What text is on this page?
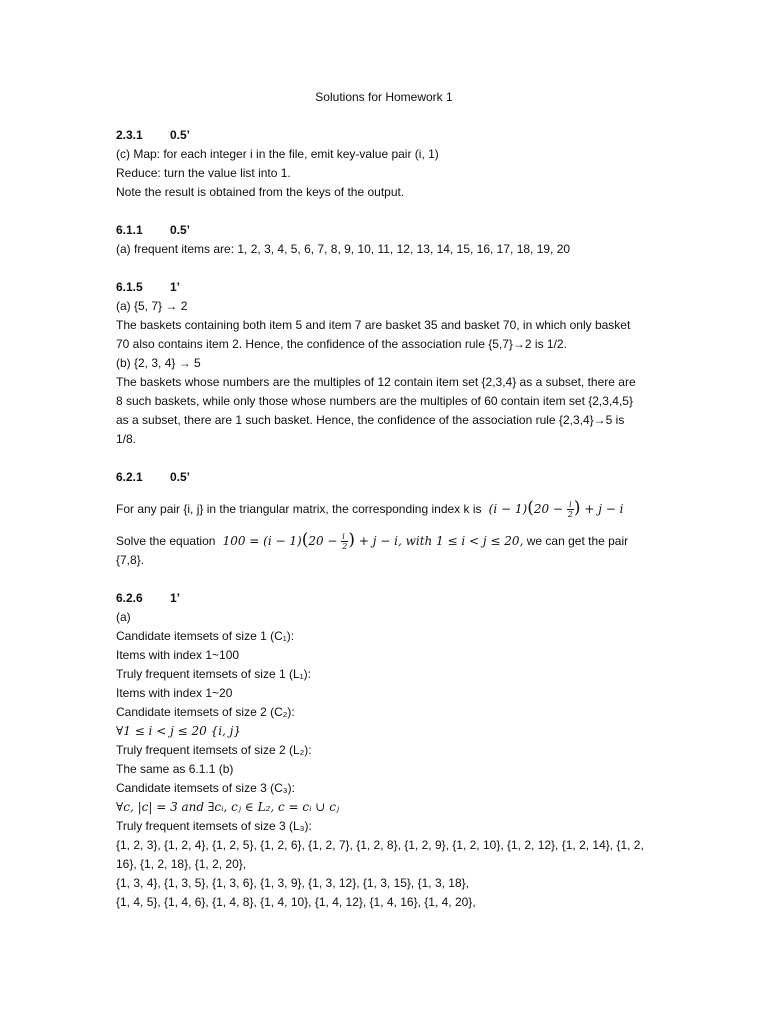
Solutions for Homework 1

2.3.1 0.5’

(c) Map: for each integer i in the file, emit key-value pair (i, 1)

Reduce: turn the value list into 1.

Note the result is obtained from the keys of the output.

6.1.1 0.5’

(a) frequent items are: 1, 2, 3, 4, 5, 6, 7, 8, 9, 10, 11, 12, 13, 14, 15, 16, 17, 18, 19, 20

6.1.5 1’

(a) {5, 7} → 2

The baskets containing both item 5 and item 7 are basket 35 and basket 70, in which only basket

70 also contains item 2. Hence, the confidence of the association rule {5,7}→2 is 1/2.

(b) {2, 3, 4} → 5

The baskets whose numbers are the multiples of 12 contain item set {2,3,4} as a subset, there are

8 such baskets, while only those whose numbers are the multiples of 60 contain item set {2,3,4,5}

as a subset, there are 1 such basket. Hence, the confidence of the association rule {2,3,4}→5 is

1/8.

6.2.1 0.5’

For any pair {i, j} in the triangular matrix, the corresponding index k is  $(i - 1)(20 - \frac{i}{2}$ ) + j − i

Solve the equation  $100 = (i - 1)(20 - \frac{i}{2}$ ) + j − i, with 1 ≤ i < j ≤ 20, we can get the pair

{7,8}.

6.2.6 1’

(a)

Candidate itemsets of size 1 (C₁):

Items with index 1~100

Truly frequent itemsets of size 1 (L₁):

Items with index 1~20

Candidate itemsets of size 2 (C₂):

∀1 ≤ i < j ≤ 20 {i, j}

Truly frequent itemsets of size 2 (L₂):

The same as 6.1.1 (b)

Candidate itemsets of size 3 (C₃):

∀c, |c| = 3 and ∃cᵢ, cⱼ ∈ L₂, c = cᵢ ∪ cⱼ

Truly frequent itemsets of size 3 (L₃):

{1, 2, 3}, {1, 2, 4}, {1, 2, 5}, {1, 2, 6}, {1, 2, 7}, {1, 2, 8}, {1, 2, 9}, {1, 2, 10}, {1, 2, 12}, {1, 2, 14}, {1, 2,

16}, {1, 2, 18}, {1, 2, 20},

{1, 3, 4}, {1, 3, 5}, {1, 3, 6}, {1, 3, 9}, {1, 3, 12}, {1, 3, 15}, {1, 3, 18},

{1, 4, 5}, {1, 4, 6}, {1, 4, 8}, {1, 4, 10}, {1, 4, 12}, {1, 4, 16}, {1, 4, 20},
